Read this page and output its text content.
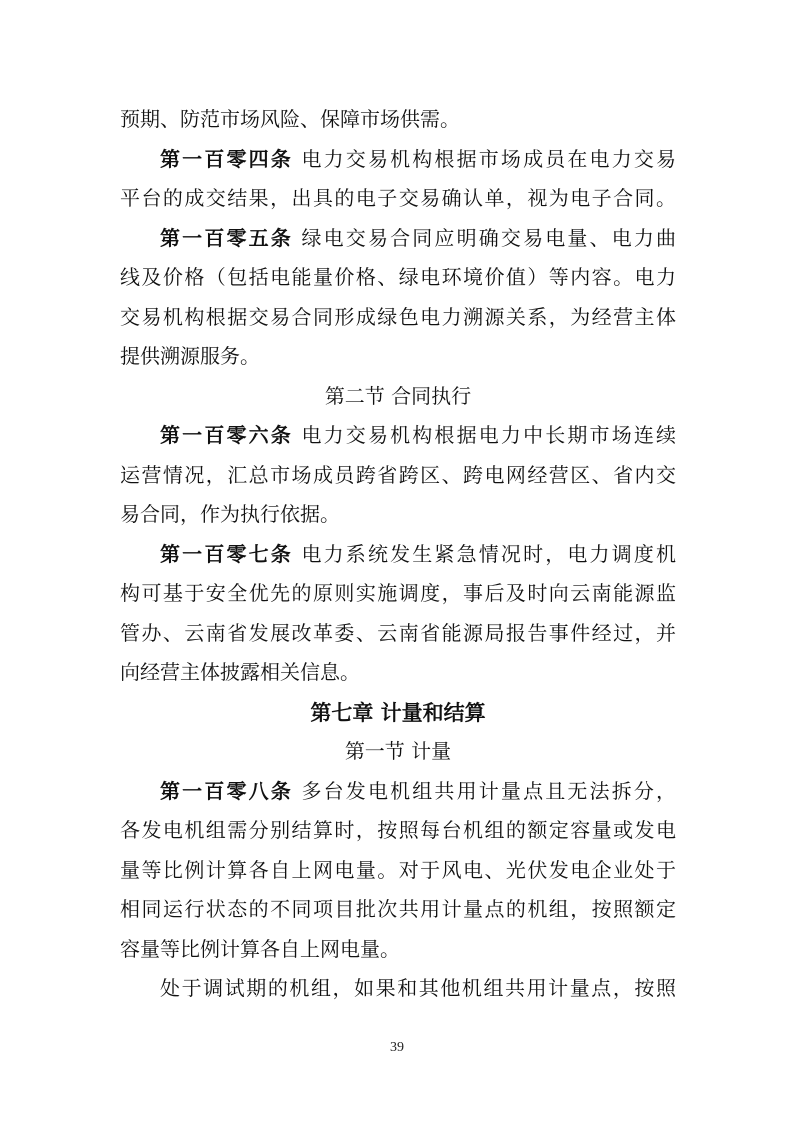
预期、防范市场风险、保障市场供需。
第一百零四条 电力交易机构根据市场成员在电力交易
平台的成交结果，出具的电子交易确认单，视为电子合同。
第一百零五条 绿电交易合同应明确交易电量、电力曲
线及价格（包括电能量价格、绿电环境价值）等内容。电力
交易机构根据交易合同形成绿色电力溯源关系，为经营主体
提供溯源服务。
第二节 合同执行
第一百零六条 电力交易机构根据电力中长期市场连续
运营情况，汇总市场成员跨省跨区、跨电网经营区、省内交
易合同，作为执行依据。
第一百零七条 电力系统发生紧急情况时，电力调度机
构可基于安全优先的原则实施调度，事后及时向云南能源监
管办、云南省发展改革委、云南省能源局报告事件经过，并
向经营主体披露相关信息。
第七章 计量和结算
第一节 计量
第一百零八条 多台发电机组共用计量点且无法拆分，
各发电机组需分别结算时，按照每台机组的额定容量或发电
量等比例计算各自上网电量。对于风电、光伏发电企业处于
相同运行状态的不同项目批次共用计量点的机组，按照额定
容量等比例计算各自上网电量。
处于调试期的机组，如果和其他机组共用计量点，按照
39
